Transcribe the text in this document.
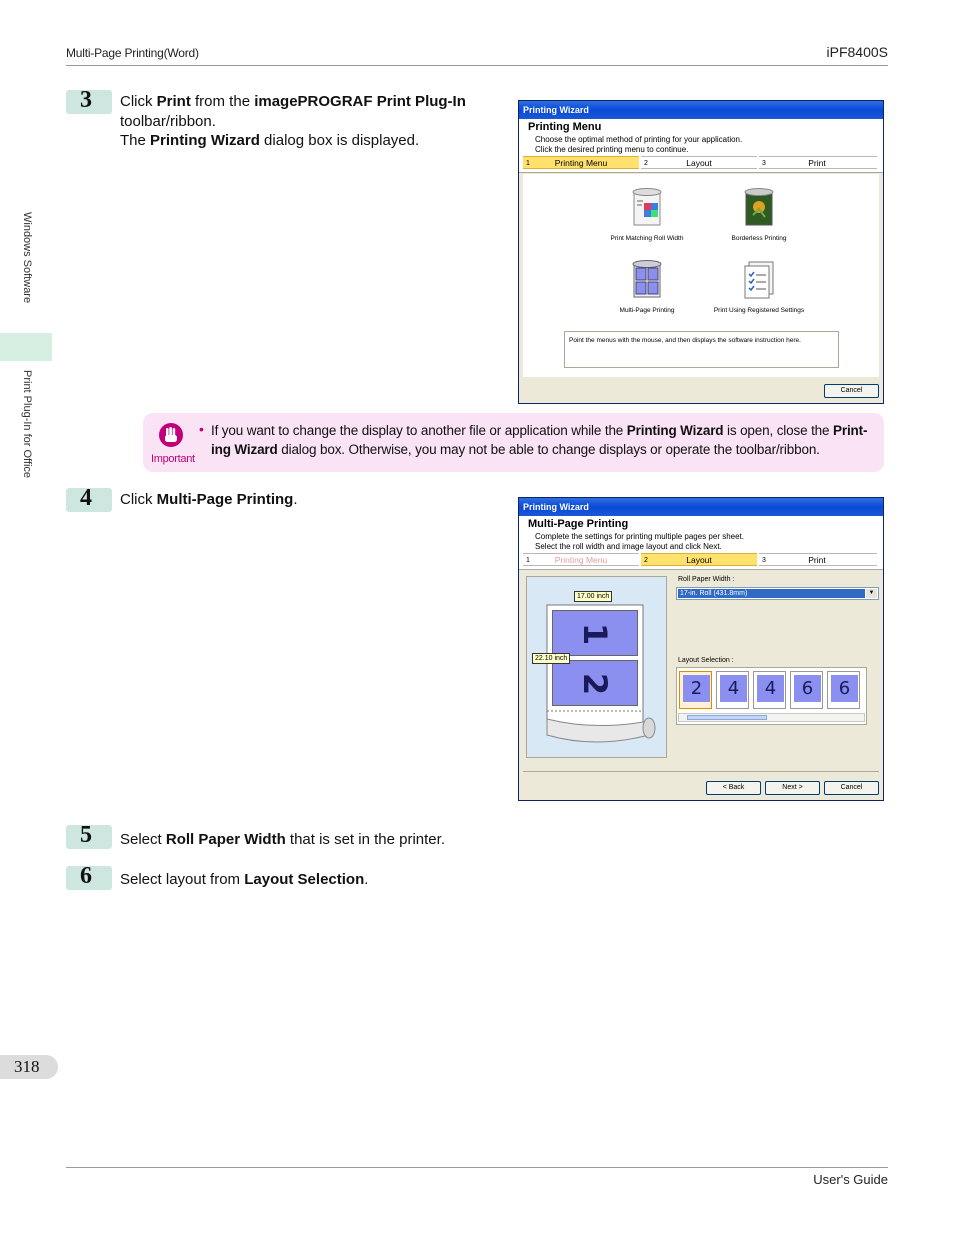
Multi-Page Printing(Word)	iPF8400S
Windows Software
Print Plug-In for Office
318
User's Guide
3 Click Print from the imagePROGRAF Print Plug-In
toolbar/ribbon.
The Printing Wizard dialog box is displayed.
Printing Wizard
Printing Menu
Choose the optimal method of printing for your application.
Click the desired printing menu to continue.
1	Printing Menu	2	Layout	3	Print
Print Matching Roll Width	Borderless Printing
Multi-Page Printing	Print Using Registered Settings
Point the menus with the mouse, and then displays the software instruction here.
Cancel
Important
• If you want to change the display to another file or application while the Printing Wizard is open, close the Print-ing Wizard dialog box. Otherwise, you may not be able to change displays or operate the toolbar/ribbon.
4 Click Multi-Page Printing.	Printing Wizard
Multi-Page Printing
Complete the settings for printing multiple pages per sheet.
Select the roll width and image layout and click Next.
1	Printing Menu	2	Layout	3	Print
1
2
17.00 inch
22.10 inch
Roll Paper Width :
17-in. Roll (431.8mm)	▼
Layout Selection :
2	4	4	6	6
< Back	Next >	Cancel
5 Select Roll Paper Width that is set in the printer.
6 Select layout from Layout Selection.
